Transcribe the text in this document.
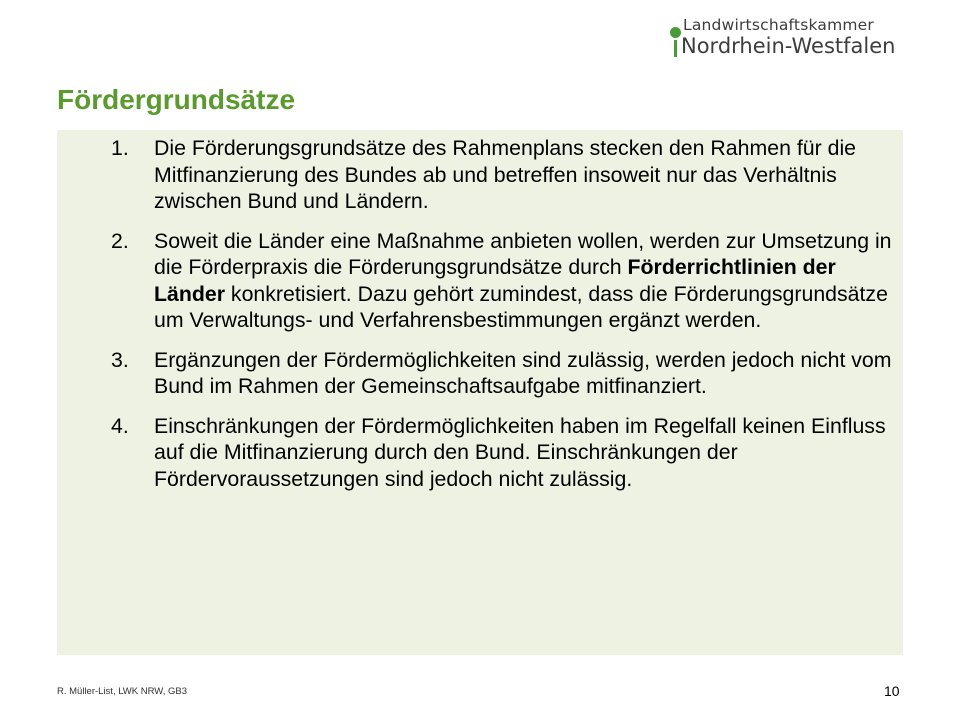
Landwirtschaftskammer
Nordrhein-Westfalen
Fördergrundsätze
1. Die Förderungsgrundsätze des Rahmenplans stecken den Rahmen für die Mitfinanzierung des Bundes ab und betreffen insoweit nur das Verhältnis zwischen Bund und Ländern.
2. Soweit die Länder eine Maßnahme anbieten wollen, werden zur Umsetzung in die Förderpraxis die Förderungsgrundsätze durch Förderrichtlinien der Länder konkretisiert. Dazu gehört zumindest, dass die Förderungsgrundsätze um Verwaltungs- und Verfahrensbestimmungen ergänzt werden.
3. Ergänzungen der Fördermöglichkeiten sind zulässig, werden jedoch nicht vom Bund im Rahmen der Gemeinschaftsaufgabe mitfinanziert.
4. Einschränkungen der Fördermöglichkeiten haben im Regelfall keinen Einfluss auf die Mitfinanzierung durch den Bund. Einschränkungen der Fördervoraussetzungen sind jedoch nicht zulässig.
R. Müller-List, LWK NRW, GB3	10
